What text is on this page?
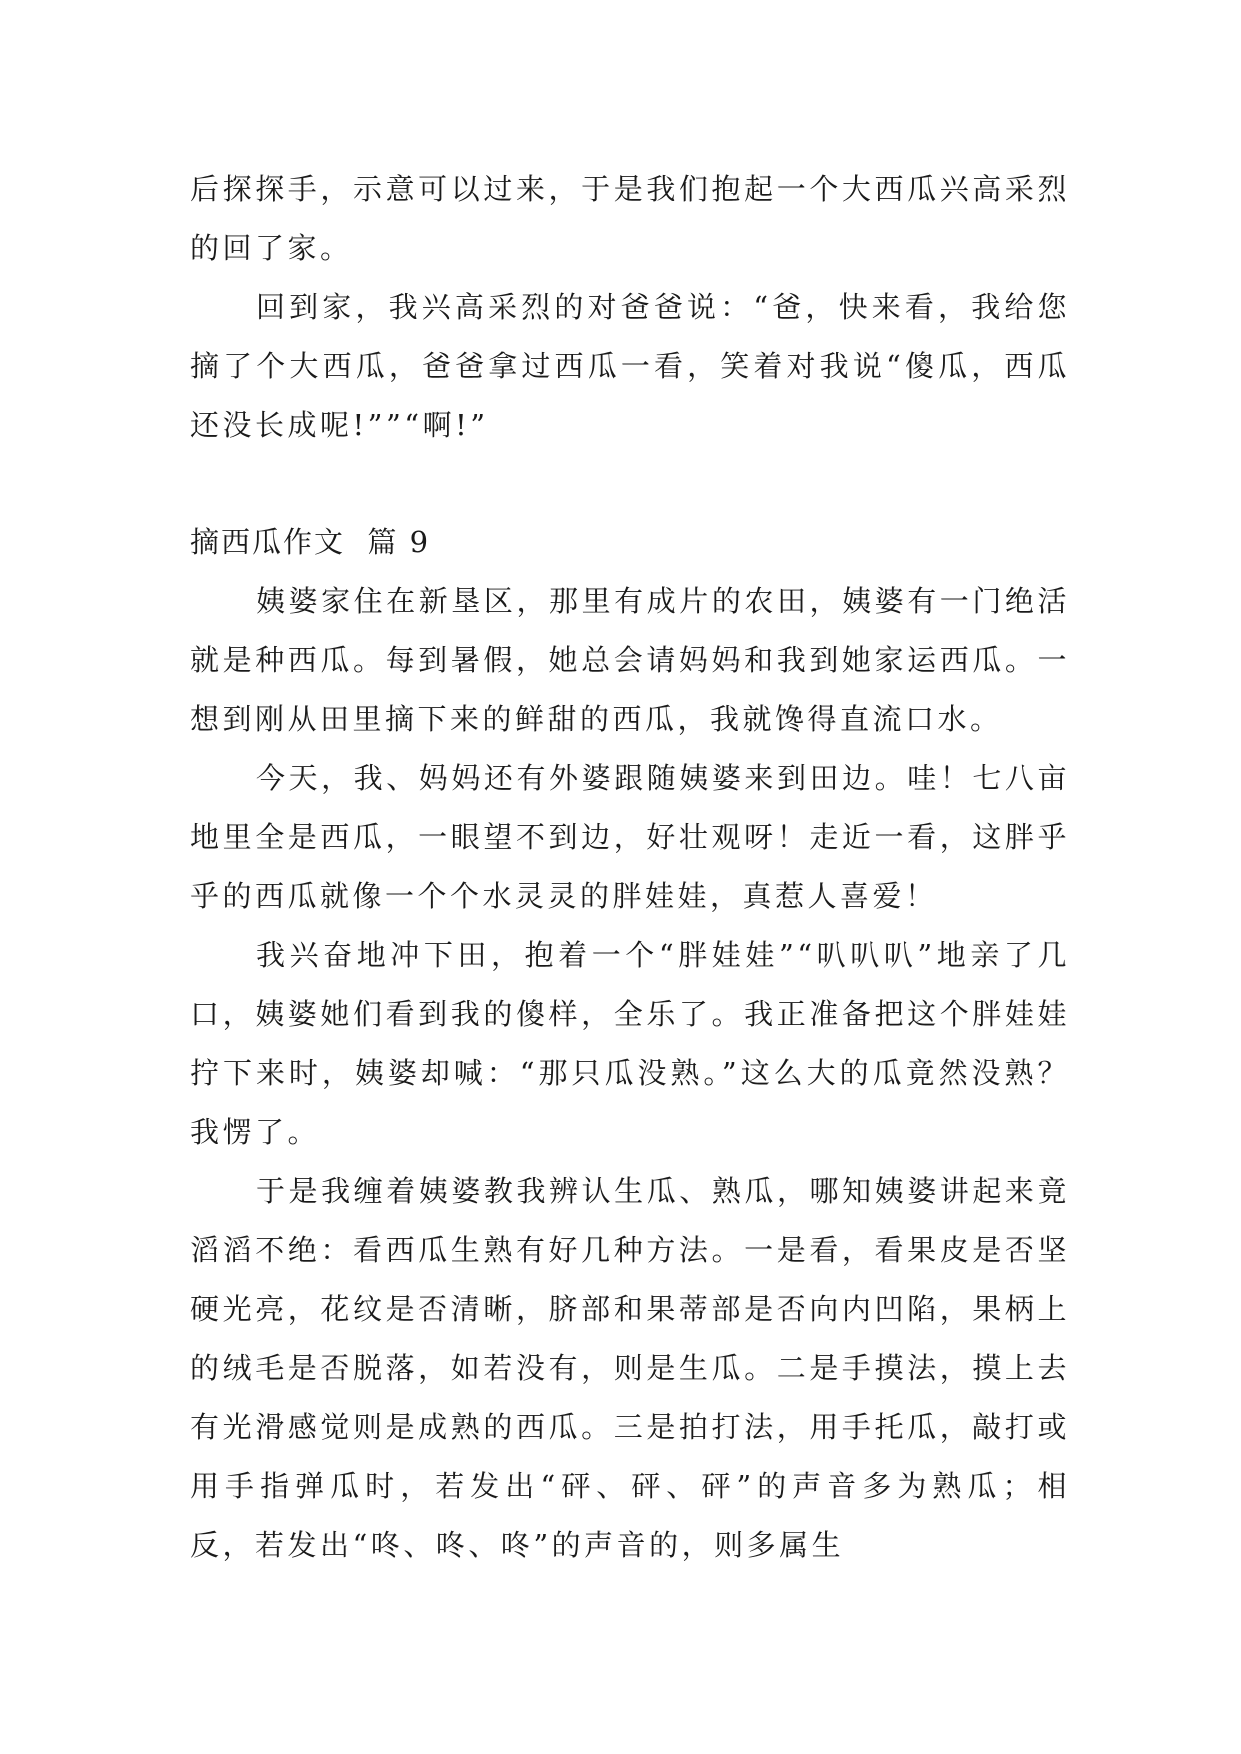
后探探手，示意可以过来，于是我们抱起一个大西瓜兴高采烈的回了家。

回到家，我兴高采烈的对爸爸说：“爸，快来看，我给您摘了个大西瓜，爸爸拿过西瓜一看，笑着对我说“傻瓜，西瓜还没长成呢!””“啊!”

摘西瓜作文  篇 9

姨婆家住在新垦区，那里有成片的农田，姨婆有一门绝活就是种西瓜。每到暑假，她总会请妈妈和我到她家运西瓜。一想到刚从田里摘下来的鲜甜的西瓜，我就馋得直流口水。

今天，我、妈妈还有外婆跟随姨婆来到田边。哇！七八亩地里全是西瓜，一眼望不到边，好壮观呀！走近一看，这胖乎乎的西瓜就像一个个水灵灵的胖娃娃，真惹人喜爱！

我兴奋地冲下田，抱着一个“胖娃娃”“叭叭叭”地亲了几口，姨婆她们看到我的傻样，全乐了。我正准备把这个胖娃娃拧下来时，姨婆却喊：“那只瓜没熟。”这么大的瓜竟然没熟？我愣了。

于是我缠着姨婆教我辨认生瓜、熟瓜，哪知姨婆讲起来竟滔滔不绝：看西瓜生熟有好几种方法。一是看，看果皮是否坚硬光亮，花纹是否清晰，脐部和果蒂部是否向内凹陷，果柄上的绒毛是否脱落，如若没有，则是生瓜。二是手摸法，摸上去有光滑感觉则是成熟的西瓜。三是拍打法，用手托瓜，敲打或用手指弹瓜时，若发出“砰、砰、砰”的声音多为熟瓜；相反，若发出“咚、咚、咚”的声音的，则多属生
